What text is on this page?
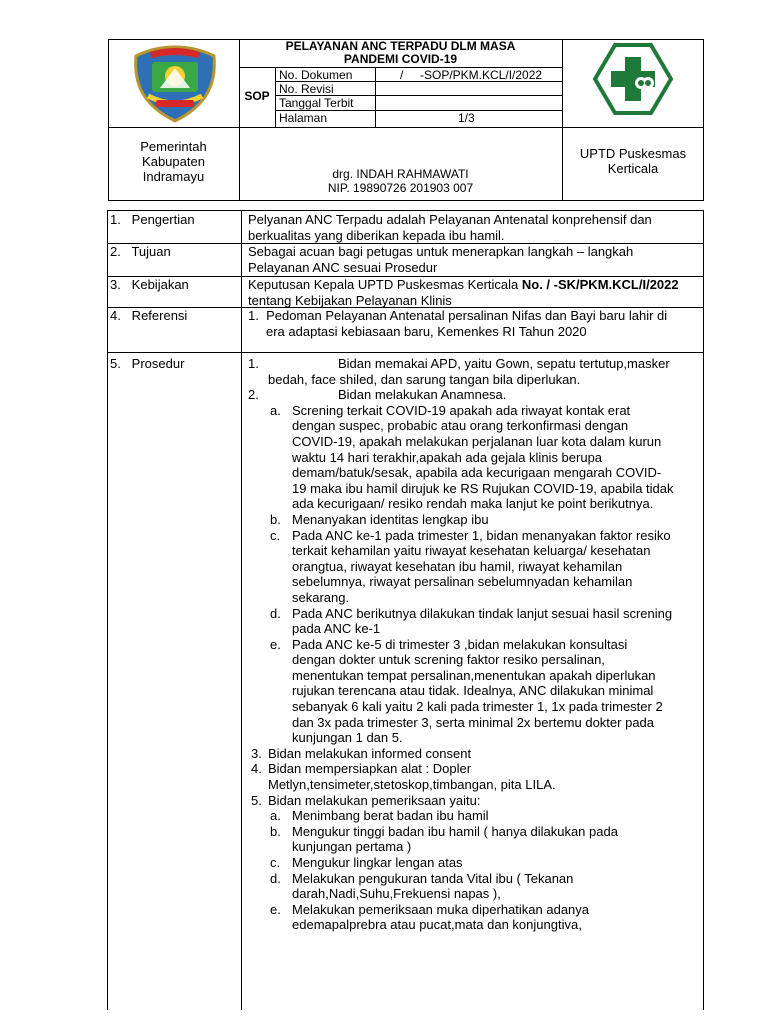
PELAYANAN ANC TERPADU DLM MASA
PANDEMI COVID-19
SOP
No. Dokumen	/     -SOP/PKM.KCL/I/2022
No. Revisi
Tanggal Terbit
Halaman	1/3
Pemerintah
Kabupaten
Indramayu	drg. INDAH RAHMAWATI
NIP. 19890726 201903 007
UPTD Puskesmas
Kerticala
1.   Pengertian	Pelyanan ANC Terpadu adalah Pelayanan Antenatal konprehensif dan
berkualitas yang diberikan kepada ibu hamil.
2.   Tujuan	Sebagai acuan bagi petugas untuk menerapkan langkah – langkah
Pelayanan ANC sesuai Prosedur
3.   Kebijakan	Keputusan Kepala UPTD Puskesmas Kerticala No. / -SK/PKM.KCL/I/2022
tentang Kebijakan Pelayanan Klinis
4.   Referensi	1.  Pedoman Pelayanan Antenatal persalinan Nifas dan Bayi baru lahir di
era adaptasi kebiasaan baru, Kemenkes RI Tahun 2020
5.   Prosedur	1.	Bidan memakai APD, yaitu Gown, sepatu tertutup,masker
bedah, face shiled, dan sarung tangan bila diperlukan.
2.	Bidan melakukan Anamnesa.
a. Screning terkait COVID-19 apakah ada riwayat kontak erat
dengan suspec, probabic atau orang terkonfirmasi dengan
COVID-19, apakah melakukan perjalanan luar kota dalam kurun
waktu 14 hari terakhir,apakah ada gejala klinis berupa
demam/batuk/sesak, apabila ada kecurigaan mengarah COVID-
19 maka ibu hamil dirujuk ke RS Rujukan COVID-19, apabila tidak
ada kecurigaan/ resiko rendah maka lanjut ke point berikutnya.
b. Menanyakan identitas lengkap ibu
c. Pada ANC ke-1 pada trimester 1, bidan menanyakan faktor resiko
terkait kehamilan yaitu riwayat kesehatan keluarga/ kesehatan
orangtua, riwayat kesehatan ibu hamil, riwayat kehamilan
sebelumnya, riwayat persalinan sebelumnyadan kehamilan
sekarang.
d. Pada ANC berikutnya dilakukan tindak lanjut sesuai hasil screning
pada ANC ke-1
e. Pada ANC ke-5 di trimester 3 ,bidan melakukan konsultasi
dengan dokter untuk screning faktor resiko persalinan,
menentukan tempat persalinan,menentukan apakah diperlukan
rujukan terencana atau tidak. Idealnya, ANC dilakukan minimal
sebanyak 6 kali yaitu 2 kali pada trimester 1, 1x pada trimester 2
dan 3x pada trimester 3, serta minimal 2x bertemu dokter pada
kunjungan 1 dan 5.
3. Bidan melakukan informed consent
4. Bidan mempersiapkan alat : Dopler
Metlyn,tensimeter,stetoskop,timbangan, pita LILA.
5. Bidan melakukan pemeriksaan yaitu:
a. Menimbang berat badan ibu hamil
b. Mengukur tinggi badan ibu hamil ( hanya dilakukan pada
kunjungan pertama )
c. Mengukur lingkar lengan atas
d. Melakukan pengukuran tanda Vital ibu ( Tekanan
darah,Nadi,Suhu,Frekuensi napas ),
e. Melakukan pemeriksaan muka diperhatikan adanya
edemapalprebra atau pucat,mata dan konjungtiva,
